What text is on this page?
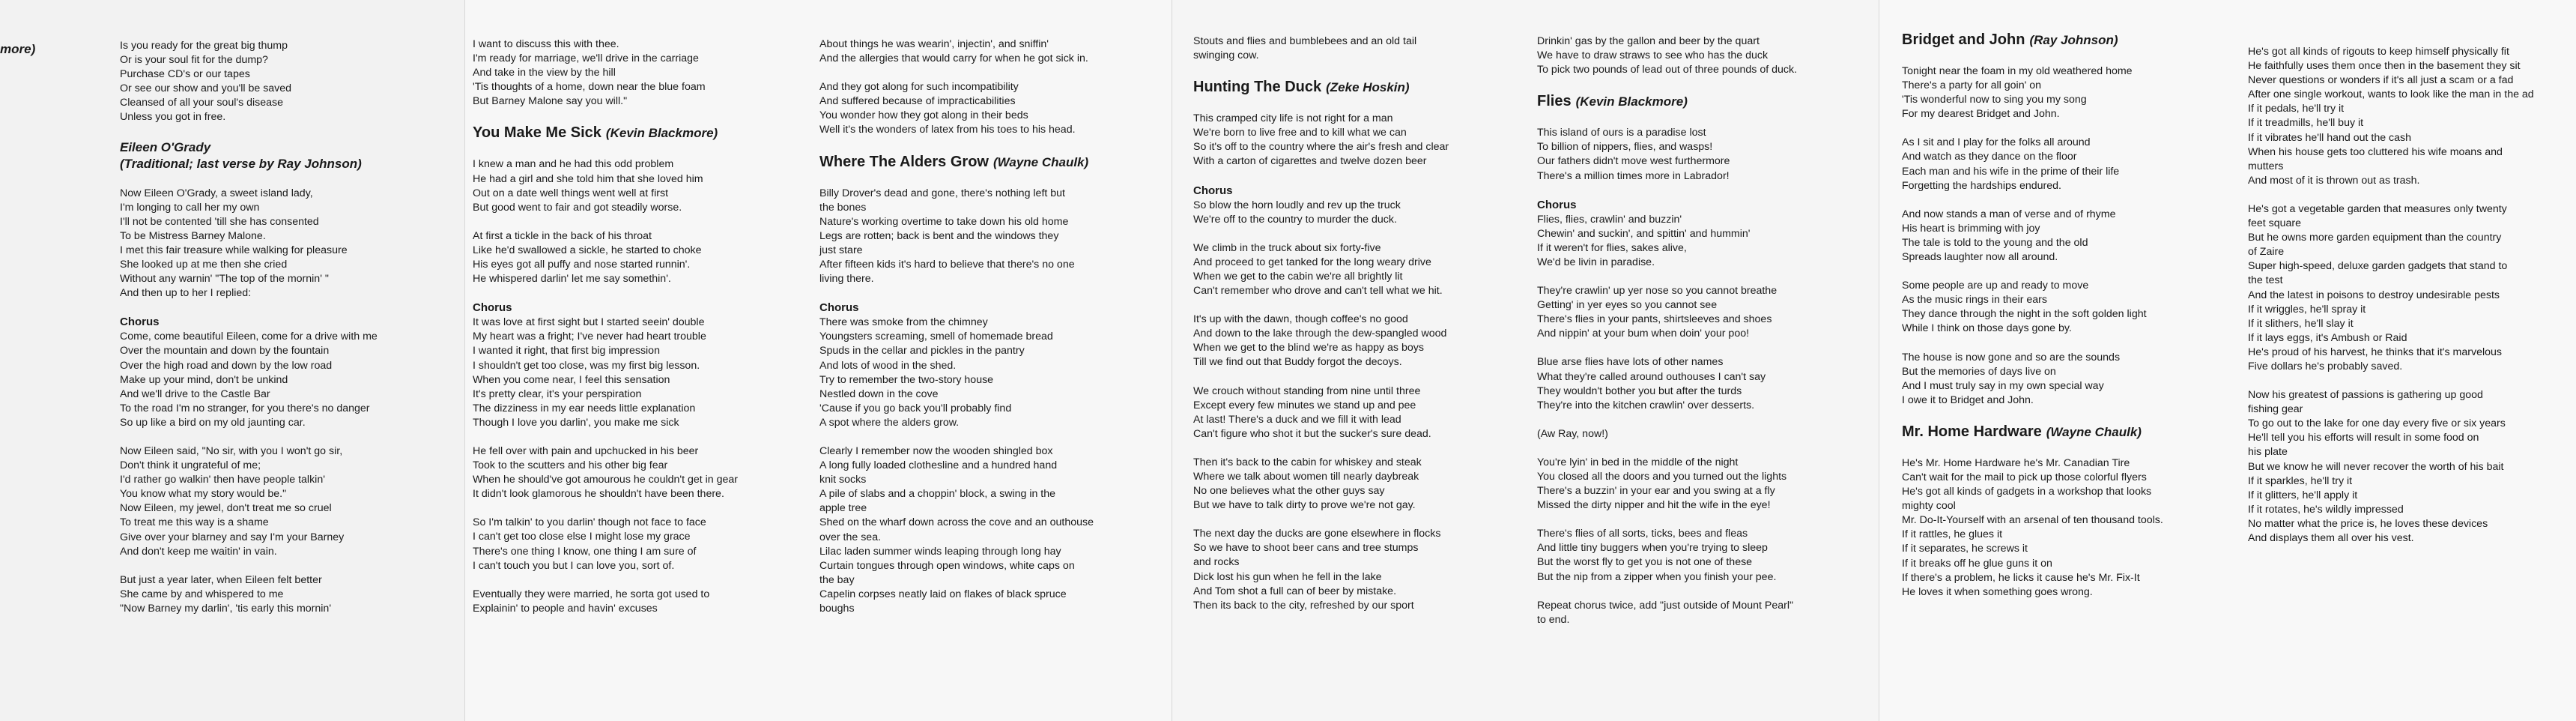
more)	Is you ready for the great big thump
Or is your soul fit for the dump?
Purchase CD's or our tapes
Or see our show and you'll be saved
Cleansed of all your soul's disease
Unless you got in free.

Eileen O'Grady
(Traditional; last verse by Ray Johnson)

Now Eileen O'Grady, a sweet island lady,
I'm longing to call her my own
I'll not be contented 'till she has consented
To be Mistress Barney Malone.
I met this fair treasure while walking for pleasure
She looked up at me then she cried
Without any warnin' "The top of the mornin' "
And then up to her I replied:

Chorus

Come, come beautiful Eileen, come for a drive with me
Over the mountain and down by the fountain
Over the high road and down by the low road
Make up your mind, don't be unkind
And we'll drive to the Castle Bar
To the road I'm no stranger, for you there's no danger
So up like a bird on my old jaunting car.

Now Eileen said, "No sir, with you I won't go sir,
Don't think it ungrateful of me;
I'd rather go walkin' then have people talkin'
You know what my story would be."
Now Eileen, my jewel, don't treat me so cruel
To treat me this way is a shame
Give over your blarney and say I'm your Barney
And don't keep me waitin' in vain.

But just a year later, when Eileen felt better
She came by and whispered to me
"Now Barney my darlin', 'tis early this mornin'

I want to discuss this with thee.
I'm ready for marriage, we'll drive in the carriage
And take in the view by the hill
'Tis thoughts of a home, down near the blue foam
But Barney Malone say you will."

You Make Me Sick (Kevin Blackmore)

I knew a man and he had this odd problem
He had a girl and she told him that she loved him
Out on a date well things went well at first
But good went to fair and got steadily worse.

At first a tickle in the back of his throat
Like he'd swallowed a sickle, he started to choke
His eyes got all puffy and nose started runnin'.
He whispered darlin' let me say somethin'.

Chorus

It was love at first sight but I started seein' double
My heart was a fright; I've never had heart trouble
I wanted it right, that first big impression
I shouldn't get too close, was my first big lesson.
When you come near, I feel this sensation
It's pretty clear, it's your perspiration
The dizziness in my ear needs little explanation
Though I love you darlin', you make me sick

He fell over with pain and upchucked in his beer
Took to the scutters and his other big fear
When he should've got amourous he couldn't get in gear
It didn't look glamorous he shouldn't have been there.

So I'm talkin' to you darlin' though not face to face
I can't get too close else I might lose my grace
There's one thing I know, one thing I am sure of
I can't touch you but I can love you, sort of.

Eventually they were married, he sorta got used to
Explainin' to people and havin' excuses

About things he was wearin', injectin', and sniffin'
And the allergies that would carry for when he got sick in.

And they got along for such incompatibility
And suffered because of impracticabilities
You wonder how they got along in their beds
Well it's the wonders of latex from his toes to his head.

Where The Alders Grow (Wayne Chaulk)

Billy Drover's dead and gone, there's nothing left but
the bones
Nature's working overtime to take down his old home
Legs are rotten; back is bent and the windows they
just stare
After fifteen kids it's hard to believe that there's no one
living there.

Chorus

There was smoke from the chimney
Youngsters screaming, smell of homemade bread
Spuds in the cellar and pickles in the pantry
And lots of wood in the shed.
Try to remember the two-story house
Nestled down in the cove
'Cause if you go back you'll probably find
A spot where the alders grow.

Clearly I remember now the wooden shingled box
A long fully loaded clothesline and a hundred hand
knit socks
A pile of slabs and a choppin' block, a swing in the
apple tree
Shed on the wharf down across the cove and an outhouse
over the sea.
Lilac laden summer winds leaping through long hay
Curtain tongues through open windows, white caps on
the bay
Capelin corpses neatly laid on flakes of black spruce
boughs

Stouts and flies and bumblebees and an old tail
swinging cow.

Hunting The Duck (Zeke Hoskin)

This cramped city life is not right for a man
We're born to live free and to kill what we can
So it's off to the country where the air's fresh and clear
With a carton of cigarettes and twelve dozen beer

Chorus

So blow the horn loudly and rev up the truck
We're off to the country to murder the duck.

We climb in the truck about six forty-five
And proceed to get tanked for the long weary drive
When we get to the cabin we're all brightly lit
Can't remember who drove and can't tell what we hit.

It's up with the dawn, though coffee's no good
And down to the lake through the dew-spangled wood
When we get to the blind we're as happy as boys
Till we find out that Buddy forgot the decoys.

We crouch without standing from nine until three
Except every few minutes we stand up and pee
At last! There's a duck and we fill it with lead
Can't figure who shot it but the sucker's sure dead.

Then it's back to the cabin for whiskey and steak
Where we talk about women till nearly daybreak
No one believes what the other guys say
But we have to talk dirty to prove we're not gay.

The next day the ducks are gone elsewhere in flocks
So we have to shoot beer cans and tree stumps
and rocks
Dick lost his gun when he fell in the lake
And Tom shot a full can of beer by mistake.
Then its back to the city, refreshed by our sport

Drinkin' gas by the gallon and beer by the quart
We have to draw straws to see who has the duck
To pick two pounds of lead out of three pounds of duck.

Flies (Kevin Blackmore)

This island of ours is a paradise lost
To billion of nippers, flies, and wasps!
Our fathers didn't move west furthermore
There's a million times more in Labrador!

Chorus

Flies, flies, crawlin' and buzzin'
Chewin' and suckin', and spittin' and hummin'
If it weren't for flies, sakes alive,
We'd be livin in paradise.

They're crawlin' up yer nose so you cannot breathe
Getting' in yer eyes so you cannot see
There's flies in your pants, shirtsleeves and shoes
And nippin' at your bum when doin' your poo!

Blue arse flies have lots of other names
What they're called around outhouses I can't say
They wouldn't bother you but after the turds
They're into the kitchen crawlin' over desserts.

(Aw Ray, now!)

You're lyin' in bed in the middle of the night
You closed all the doors and you turned out the lights
There's a buzzin' in your ear and you swing at a fly
Missed the dirty nipper and hit the wife in the eye!

There's flies of all sorts, ticks, bees and fleas
And little tiny buggers when you're trying to sleep
But the worst fly to get you is not one of these
But the nip from a zipper when you finish your pee.

Repeat chorus twice, add "just outside of Mount Pearl"
to end.

Bridget and John (Ray Johnson)

Tonight near the foam in my old weathered home
There's a party for all goin' on
'Tis wonderful now to sing you my song
For my dearest Bridget and John.

As I sit and I play for the folks all around
And watch as they dance on the floor
Each man and his wife in the prime of their life
Forgetting the hardships endured.

And now stands a man of verse and of rhyme
His heart is brimming with joy
The tale is told to the young and the old
Spreads laughter now all around.

Some people are up and ready to move
As the music rings in their ears
They dance through the night in the soft golden light
While I think on those days gone by.

The house is now gone and so are the sounds
But the memories of days live on
And I must truly say in my own special way
I owe it to Bridget and John.

Mr. Home Hardware (Wayne Chaulk)

He's Mr. Home Hardware he's Mr. Canadian Tire
Can't wait for the mail to pick up those colorful flyers
He's got all kinds of gadgets in a workshop that looks
mighty cool
Mr. Do-It-Yourself with an arsenal of ten thousand tools.
If it rattles, he glues it
If it separates, he screws it
If it breaks off he glue guns it on
If there's a problem, he licks it cause he's Mr. Fix-It
He loves it when something goes wrong.

He's got all kinds of rigouts to keep himself physically fit
He faithfully uses them once then in the basement they sit
Never questions or wonders if it's all just a scam or a fad
After one single workout, wants to look like the man in the ad
If it pedals, he'll try it
If it treadmills, he'll buy it
If it vibrates he'll hand out the cash
When his house gets too cluttered his wife moans and
mutters
And most of it is thrown out as trash.

He's got a vegetable garden that measures only twenty
feet square
But he owns more garden equipment than the country
of Zaire
Super high-speed, deluxe garden gadgets that stand to
the test
And the latest in poisons to destroy undesirable pests
If it wriggles, he'll spray it
If it slithers, he'll slay it
If it lays eggs, it's Ambush or Raid
He's proud of his harvest, he thinks that it's marvelous
Five dollars he's probably saved.

Now his greatest of passions is gathering up good
fishing gear
To go out to the lake for one day every five or six years
He'll tell you his efforts will result in some food on
his plate
But we know he will never recover the worth of his bait
If it sparkles, he'll try it
If it glitters, he'll apply it
If it rotates, he's wildly impressed
No matter what the price is, he loves these devices
And displays them all over his vest.
